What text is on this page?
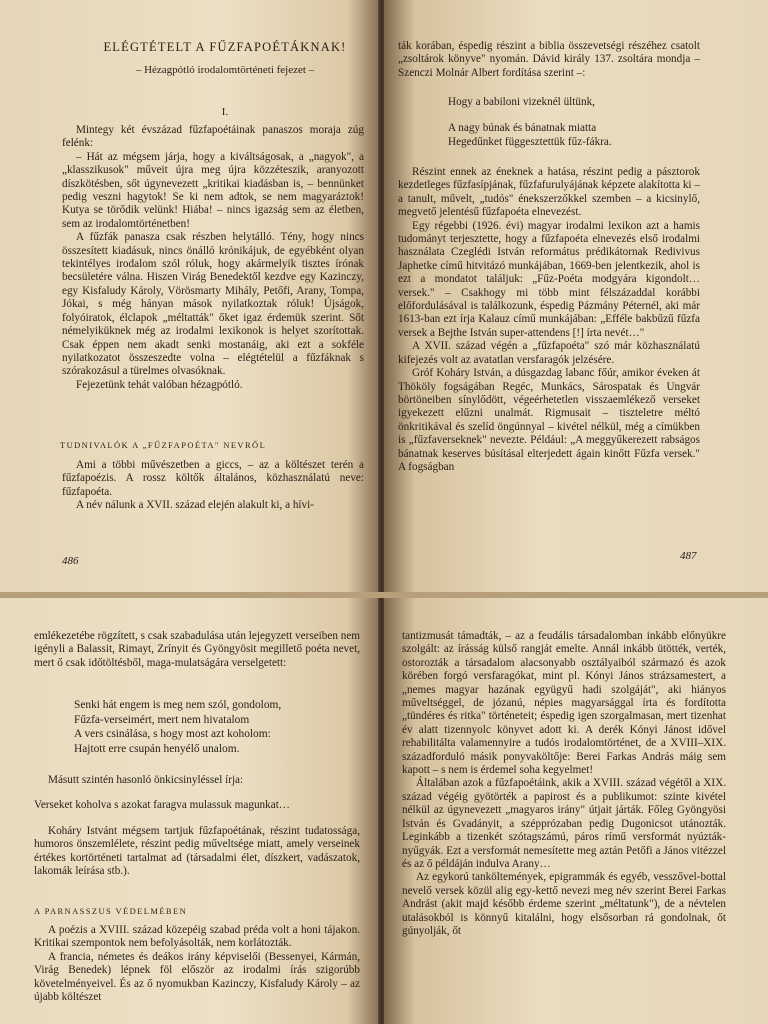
ELÉGTÉTELT A FŰZFAPOÉTÁKNAK!
– Hézagpótló irodalomtörténeti fejezet –
I.

Mintegy két évszázad fűzfapoétáinak panaszos moraja zúg felénk:

– Hát az mégsem járja, hogy a kiváltságosak, a „nagyok", a „klasszikusok" műveit újra meg újra közzéteszik, aranyozott díszkötésben, sőt úgynevezett „kritikai kiadásban is, – bennünket pedig veszni hagytok! Se ki nem adtok, se nem magyaráztok! Kutya se törődik velünk! Hiába! – nincs igazság sem az életben, sem az irodalomtörténetben!

A fűzfák panasza csak részben helytálló. Tény, hogy nincs összesített kiadásuk, nincs önálló krónikájuk, de egyébként olyan tekintélyes irodalom szól róluk, hogy akármelyik tisztes írónak becsületére válna. Hiszen Virág Benedektől kezdve egy Kazinczy, egy Kisfaludy Károly, Vörösmarty Mihály, Petőfi, Arany, Tompa, Jókai, s még hányan mások nyilatkoztak róluk! Újságok, folyóiratok, élclapok „méltatták" őket igaz érdemük szerint. Sőt némelyiküknek még az irodalmi lexikonok is helyet szorítottak. Csak éppen nem akadt senki mostanáig, aki ezt a sokféle nyilatkozatot összeszedte volna – elégtételül a fűzfáknak s szórakozásul a türelmes olvasóknak.

Fejezetünk tehát valóban hézagpótló.

TUDNIVALÓK A „FŰZFAPOÉTA" NEVRŐL

Ami a többi művészetben a giccs, – az a költészet terén a fűzfapoézis. A rossz költők általános, közhasználatú neve: fűzfapoéta.

A név nálunk a XVII. század elején alakult ki, a hívi-

486

ták korában, éspedig részint a biblia összevetségi részéhez csatolt „zsoltárok könyve" nyomán. Dávid király 137. zsoltára mondja – Szenczi Molnár Albert fordítása szerint –:

Hogy a babiloni vizeknél ültünk,
A nagy búnak és bánatnak miatta
Hegedűnket függesztettük fűz-fákra.

Részint ennek az éneknek a hatása, részint pedig a pásztorok kezdetleges fűzfasípjának, fűzfafurulyájának képzete alakította ki – a tanult, művelt, „tudós" énekszerzőkkel szemben – a kicsinylő, megvető jelentésű fűzfapoéta elnevezést.

Egy régebbi (1926. évi) magyar irodalmi lexikon azt a hamis tudományt terjesztette, hogy a fűzfapoéta elnevezés első irodalmi használata Czeglédi István református prédikátornak Redivivus Japhetke című hitvitázó munkájában, 1669-ben jelentkezik, ahol is ezt a mondatot találjuk: „Fűz-Poéta modgyára kigondolt… versek." – Csakhogy mi több mint félszázaddal korábbi előfordulásával is találkozunk, éspedig Pázmány Péternél, aki már 1613-ban ezt írja Kalauz című munkájában: „Efféle bakbűzű fűzfa versek a Bejthe István super-attendens [!] írta nevét…"

A XVII. század végén a „fűzfapoéta" szó már közhasználatú kifejezés volt az avatatlan versfaragók jelzésére.

Gróf Koháry István, a dúsgazdag labanc főúr, amikor éveken át Thököly fogságában Regéc, Munkács, Sárospatak és Ungvár börtöneiben sínylődött, végeérhetetlen visszaemlékező verseket igyekezett elűzni unalmát. Rigmusait – tiszteletre méltó önkritikával és szelíd öngúnnyal – kivétel nélkül, még a címükben is „fűzfaverseknek" nevezte. Például: „A meggyűkerezett rabságos bánatnak keserves búsításal elterjedett ágain kinőtt Fűzfa versek." A fogságban

487

emlékezetébe rögzített, s csak szabadulása után lejegyzett verseiben nem igényli a Balassit, Rimayt, Zrínyit és Gyöngyösit megillető poéta nevet, mert ő csak időtöltésből, maga-mulatságára verselgetett:

Senki hát engem is meg nem szól, gondolom,
Fűzfa-verseimért, mert nem hivatalom
A vers csinálása, s hogy most azt koholom:
Hajtott erre csupán henyélő unalom.

Másutt szintén hasonló önkicsinyléssel írja:

Verseket koholva s azokat faragva mulassuk magunkat…

Koháry Istvánt mégsem tartjuk fűzfapoétának, részint tudatossága, humoros önszemlélete, részint pedig műveltsége miatt, amely verseinek értékes kortörténeti tartalmat ad (társadalmi élet, díszkert, vadászatok, lakomák leírása stb.).

A PARNASSZUS VÉDELMÉBEN

A poézis a XVIII. század közepéig szabad préda volt a honi tájakon. Kritikai szempontok nem befolyásolták, nem korlátozták.

A francia, németes és deákos irány képviselői (Bessenyei, Kármán, Virág Benedek) lépnek föl először az irodalmi írás szigorúbb követelményeivel. És az ő nyomukban Kazinczy, Kisfaludy Károly – az újabb költészet

tantizmusát támadták, – az a feudális társadalomban inkább előnyükre szolgált: az írásság külső rangját emelte. Annál inkább ütötték, verték, ostorozták a társadalom alacsonyabb osztályaiból származó és azok körében forgó versfaragókat, mint pl. Kónyi János strázsamestert, a „nemes magyar hazának együgyű hadi szolgáját", aki hiányos műveltséggel, de józanú, népies magyarsággal írta és fordította „tündéres és ritka" történeteit; éspedig igen szorgalmasan, mert tizenhat év alatt tizennyolc könyvet adott ki. A derék Kónyi Jánost idővel rehabilitálta valamennyire a tudós irodalomtörténet, de a XVIII–XIX. századforduló másik ponyvaköltője: Berei Farkas András máig sem kapott – s nem is érdemel soha kegyelmet!

Általában azok a fűzfapoétáink, akik a XVIII. század végétől a XIX. század végéig gyötörték a papirost és a publikumot: szinte kivétel nélkül az úgynevezett „magyaros irány" útjait járták. Főleg Gyöngyösi István és Gvadányit, a szépprózaban pedig Dugonicsot utánozták. Leginkább a tizenkét szótagszámú, páros rímű versformát nyúzták-nyűgyák. Ezt a versformát nemesítette meg aztán Petőfi a János vitézzel és az ő példáján indulva Arany…

Az egykorú tanköltemények, epigrammák és egyéb, vesszővel-bottal nevelő versek közül alig egy-kettő nevezi meg név szerint Berei Farkas Andrást (akit majd később érdeme szerint „méltatunk"), de a névtelen utalásokból is könnyű kitalálni, hogy elsősorban rá gondolnak, őt gúnyolják, őt
